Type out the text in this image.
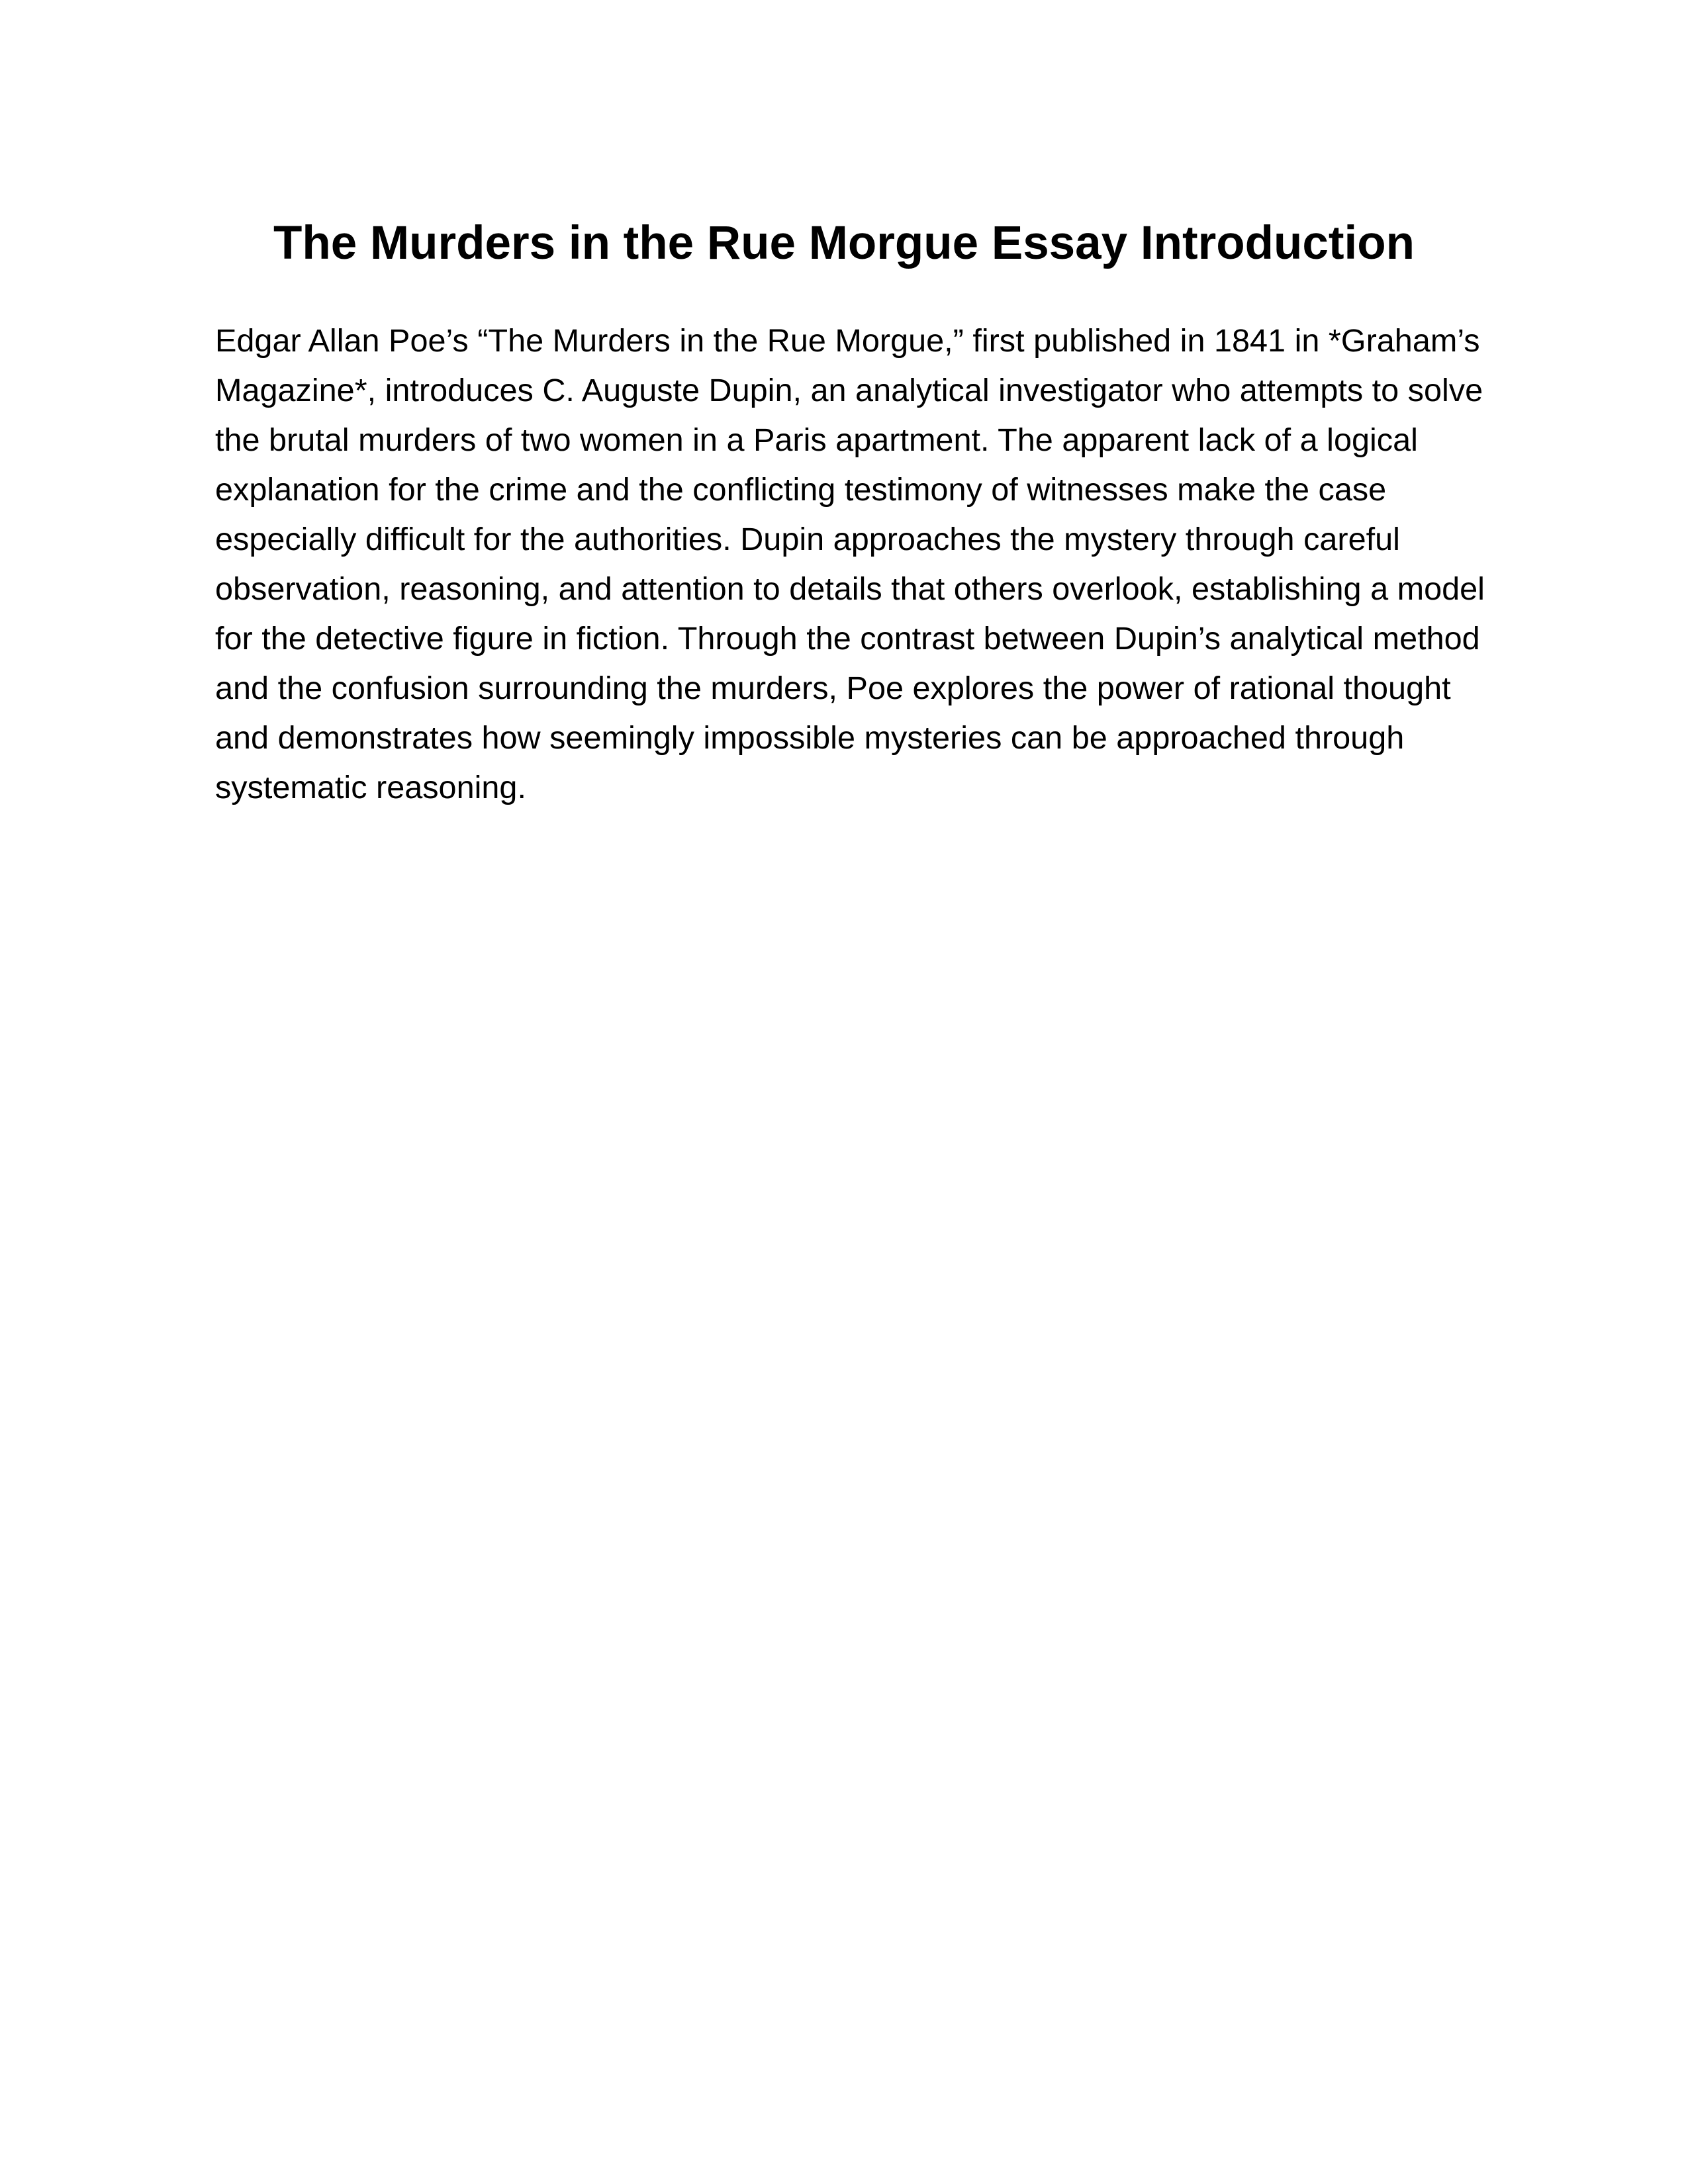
The Murders in the Rue Morgue Essay Introduction

Edgar Allan Poe’s “The Murders in the Rue Morgue,” first published in 1841 in *Graham’s
Magazine*, introduces C. Auguste Dupin, an analytical investigator who attempts to solve
the brutal murders of two women in a Paris apartment. The apparent lack of a logical
explanation for the crime and the conflicting testimony of witnesses make the case
especially difficult for the authorities. Dupin approaches the mystery through careful
observation, reasoning, and attention to details that others overlook, establishing a model
for the detective figure in fiction. Through the contrast between Dupin’s analytical method
and the confusion surrounding the murders, Poe explores the power of rational thought
and demonstrates how seemingly impossible mysteries can be approached through
systematic reasoning.
